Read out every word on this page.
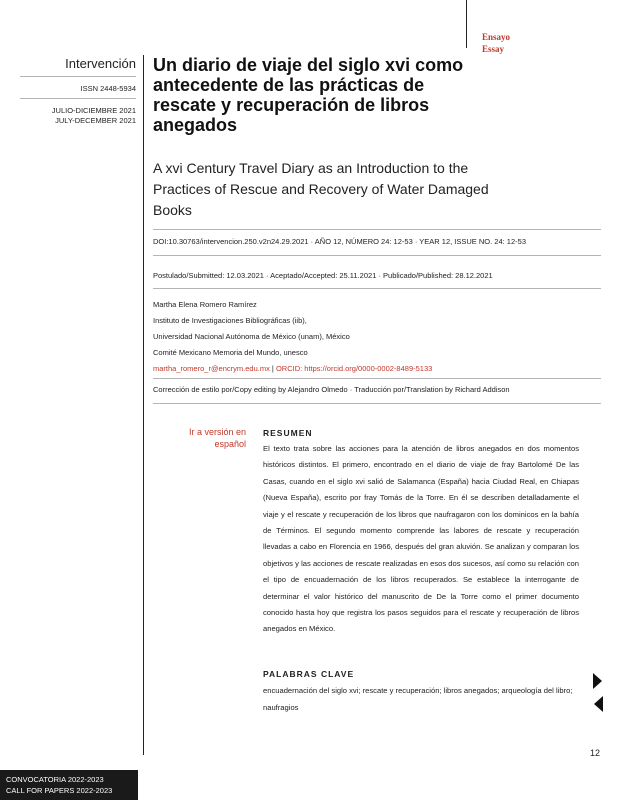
Ensayo
Essay
Intervención
ISSN 2448-5934
JULIO-DICIEMBRE 2021
JULY-DECEMBER 2021
Un diario de viaje del siglo xvi como antecedente de las prácticas de rescate y recuperación de libros anegados
A xvi Century Travel Diary as an Introduction to the Practices of Rescue and Recovery of Water Damaged Books
DOI:10.30763/intervencion.250.v2n24.29.2021 · AÑO 12, NÚMERO 24: 12-53 · YEAR 12, ISSUE NO. 24: 12-53
Postulado/Submitted: 12.03.2021 · Aceptado/Accepted: 25.11.2021 · Publicado/Published: 28.12.2021
Martha Elena Romero Ramírez
Instituto de Investigaciones Bibliográficas (iib),
Universidad Nacional Autónoma de México (unam), México
Comité Mexicano Memoria del Mundo, unesco
martha_romero_r@encrym.edu.mx | ORCID: https://orcid.org/0000-0002-8489-5133
Corrección de estilo por/Copy editing by Alejandro Olmedo · Traducción por/Translation by Richard Addison
Ir a versión en español
RESUMEN
El texto trata sobre las acciones para la atención de libros anegados en dos momentos históricos distintos. El primero, encontrado en el diario de viaje de fray Bartolomé De las Casas, cuando en el siglo xvi salió de Salamanca (España) hacia Ciudad Real, en Chiapas (Nueva España), escrito por fray Tomás de la Torre. En él se describen detalladamente el viaje y el rescate y recuperación de los libros que naufragaron con los dominicos en la bahía de Términos. El segundo momento comprende las labores de rescate y recuperación llevadas a cabo en Florencia en 1966, después del gran aluvión. Se analizan y comparan los objetivos y las acciones de rescate realizadas en esos dos sucesos, así como su relación con el tipo de encuadernación de los libros recuperados. Se establece la interrogante de determinar el valor histórico del manuscrito de De la Torre como el primer documento conocido hasta hoy que registra los pasos seguidos para el rescate y recuperación de libros anegados en México.
PALABRAS CLAVE
encuadernación del siglo xvi; rescate y recuperación; libros anegados; arqueología del libro; naufragios
12
CONVOCATORIA 2022-2023
CALL FOR PAPERS 2022-2023
